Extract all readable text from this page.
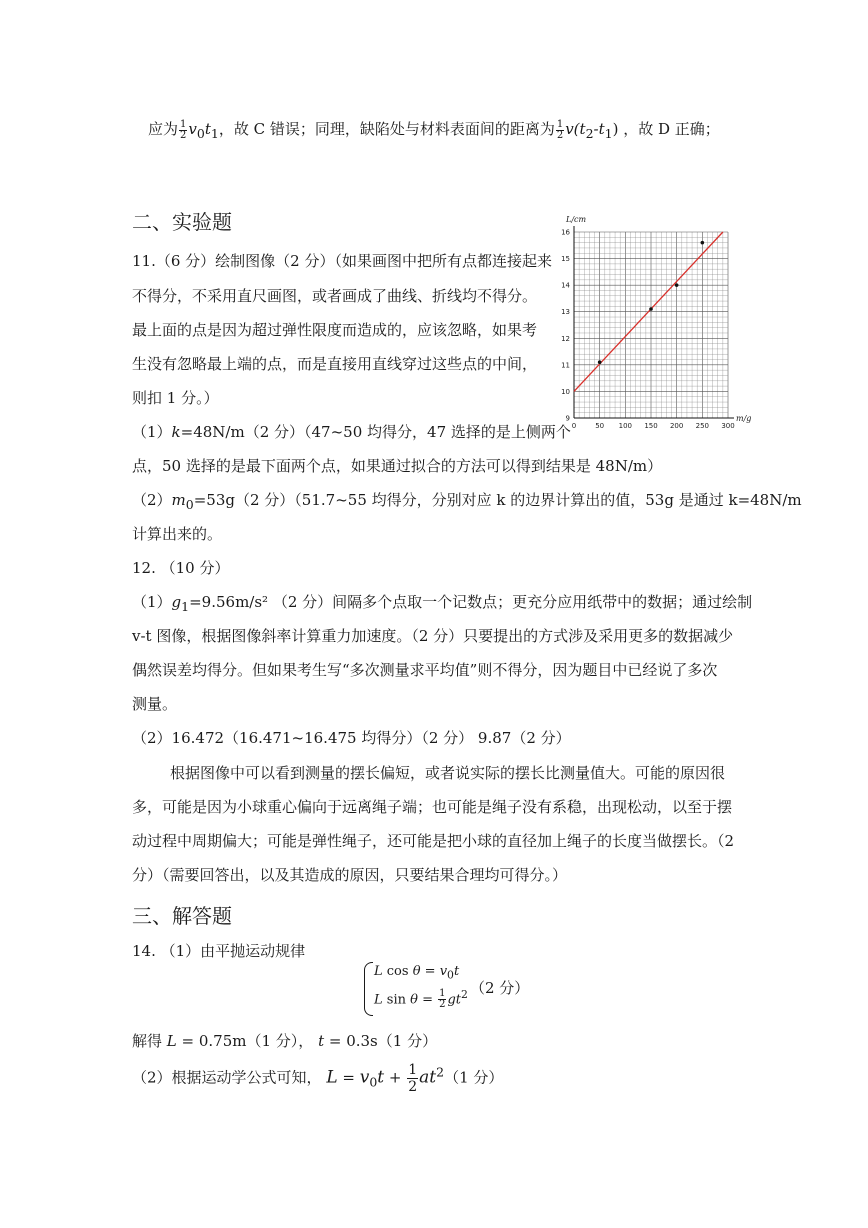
应为 $\frac{1}{2} v_0t_1$，故 C 错误；同理，缺陷处与材料表面间的距离为 $\frac{1}{2} v(t_2-t_1)$ ，故 D 正确；
二、实验题
11.（6 分）绘制图像（2 分）（如果画图中把所有点都连接起来
不得分，不采用直尺画图，或者画成了曲线、折线均不得分。
最上面的点是因为超过弹性限度而造成的，应该忽略，如果考
生没有忽略最上端的点，而是直接用直线穿过这些点的中间，
则扣 1 分。）
（1）k=48N/m（2 分）（47~50 均得分，47 选择的是上侧两个
点，50 选择的是最下面两个点，如果通过拟合的方法可以得到结果是 48N/m）
$(2)m_0=53g(2$ 分）（51.7~55 均得分，分别对应 k 的边界计算出的值，53g 是通过 k=48N/m
计算出来的。
0	50 100 150 200 250 300
9
10
11
12
13
14
15
16
L/cm
m/g
12. （10 分）
$(1)g_1=9.56m/s^2$ （2 分）间隔多个点取一个记数点；更充分应用纸带中的数据；通过绘制
v-t 图像，根据图像斜率计算重力加速度。（2 分）只要提出的方式涉及采用更多的数据减少
偶然误差均得分。但如果考生写“多次测量求平均值”则不得分，因为题目中已经说了多次
测量。
（2）16.472（16.471~16.475 均得分）（2 分） 9.87（2 分）
根据图像中可以看到测量的摆长偏短，或者说实际的摆长比测量值大。可能的原因很
多，可能是因为小球重心偏向于远离绳子端；也可能是绳子没有系稳，出现松动，以至于摆
动过程中周期偏大；可能是弹性绳子，还可能是把小球的直径加上绳子的长度当做摆长。（2
分）（需要回答出，以及其造成的原因，只要结果合理均可得分。）
三、解答题
14. （1）由平抛运动规律
L $\cos \theta = v_0t$
L $\sin \theta = \frac{1}{2} gt^2$ （2 分）
解得 L = 0.75m（1 分）， t = 0.3s（1 分）
（2）根据运动学公式可知， $L = v_0t + \frac{1}{2} at^2(1$ 分）
